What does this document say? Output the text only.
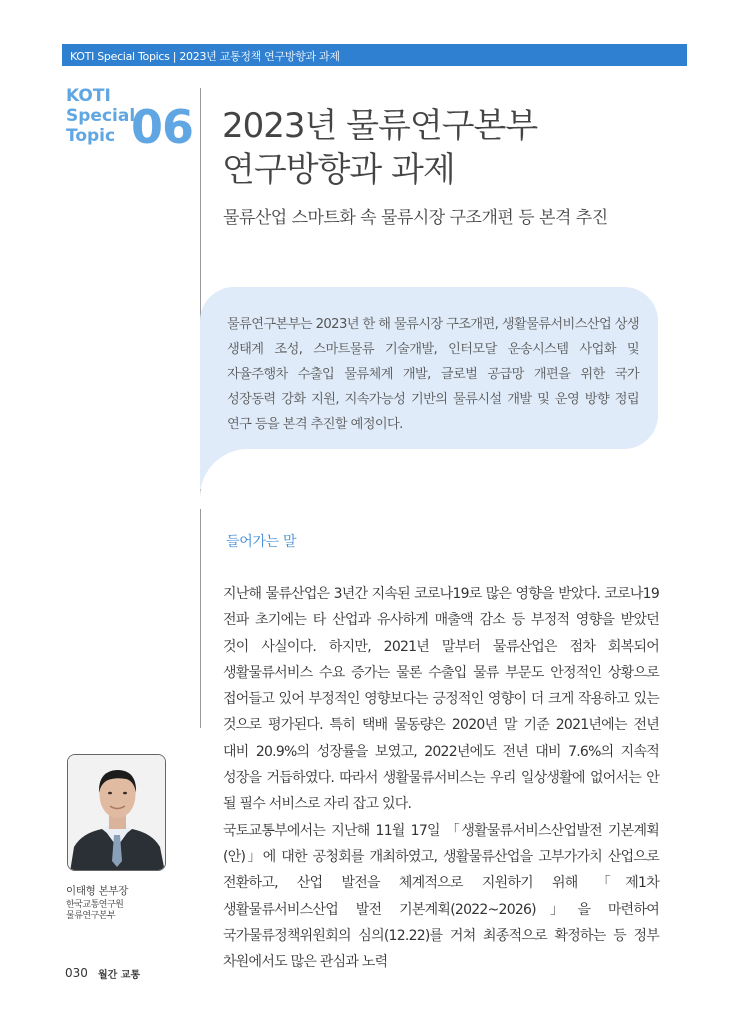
KOTI Special Topics | 2023년 교통정책 연구방향과 과제
KOTI
Special
Topic 06 2023년 물류연구본부
연구방향과 과제
물류산업 스마트화 속 물류시장 구조개편 등 본격 추진
물류연구본부는 2023년 한 해 물류시장 구조개편, 생활물류서비스산업 상생 생태계 조성, 스마트물류 기술개발, 인터모달 운송시스템 사업화 및 자율주행차 수출입 물류체계 개발, 글로벌 공급망 개편을 위한 국가 성장동력 강화 지원, 지속가능성 기반의 물류시설 개발 및 운영 방향 정립 연구 등을 본격 추진할 예정이다.
들어가는 말

지난해 물류산업은 3년간 지속된 코로나19로 많은 영향을 받았다. 코로나19 전파 초기에는 타 산업과 유사하게 매출액 감소 등 부정적 영향을 받았던 것이 사실이다. 하지만, 2021년 말부터 물류산업은 점차 회복되어 생활물류서비스 수요 증가는 물론 수출입 물류 부문도 안정적인 상황으로 접어들고 있어 부정적인 영향보다는 긍정적인 영향이 더 크게 작용하고 있는 것으로 평가된다. 특히 택배 물동량은 2020년 말 기준 2021년에는 전년 대비 20.9%의 성장률을 보였고, 2022년에도 전년 대비 7.6%의 지속적 성장을 거듭하였다. 따라서 생활물류서비스는 우리 일상생활에 없어서는 안 될 필수 서비스로 자리 잡고 있다.

국토교통부에서는 지난해 11월 17일 「생활물류서비스산업발전 기본계획(안)」에 대한 공청회를 개최하였고, 생활물류산업을 고부가가치 산업으로 전환하고, 산업 발전을 체계적으로 지원하기 위해 「제1차 생활물류서비스산업 발전 기본계획(2022~2026)」을 마련하여 국가물류정책위원회의 심의(12.22)를 거쳐 최종적으로 확정하는 등 정부 차원에서도 많은 관심과 노력

이태형 본부장
한국교통연구원
물류연구본부
030 월간 교통
